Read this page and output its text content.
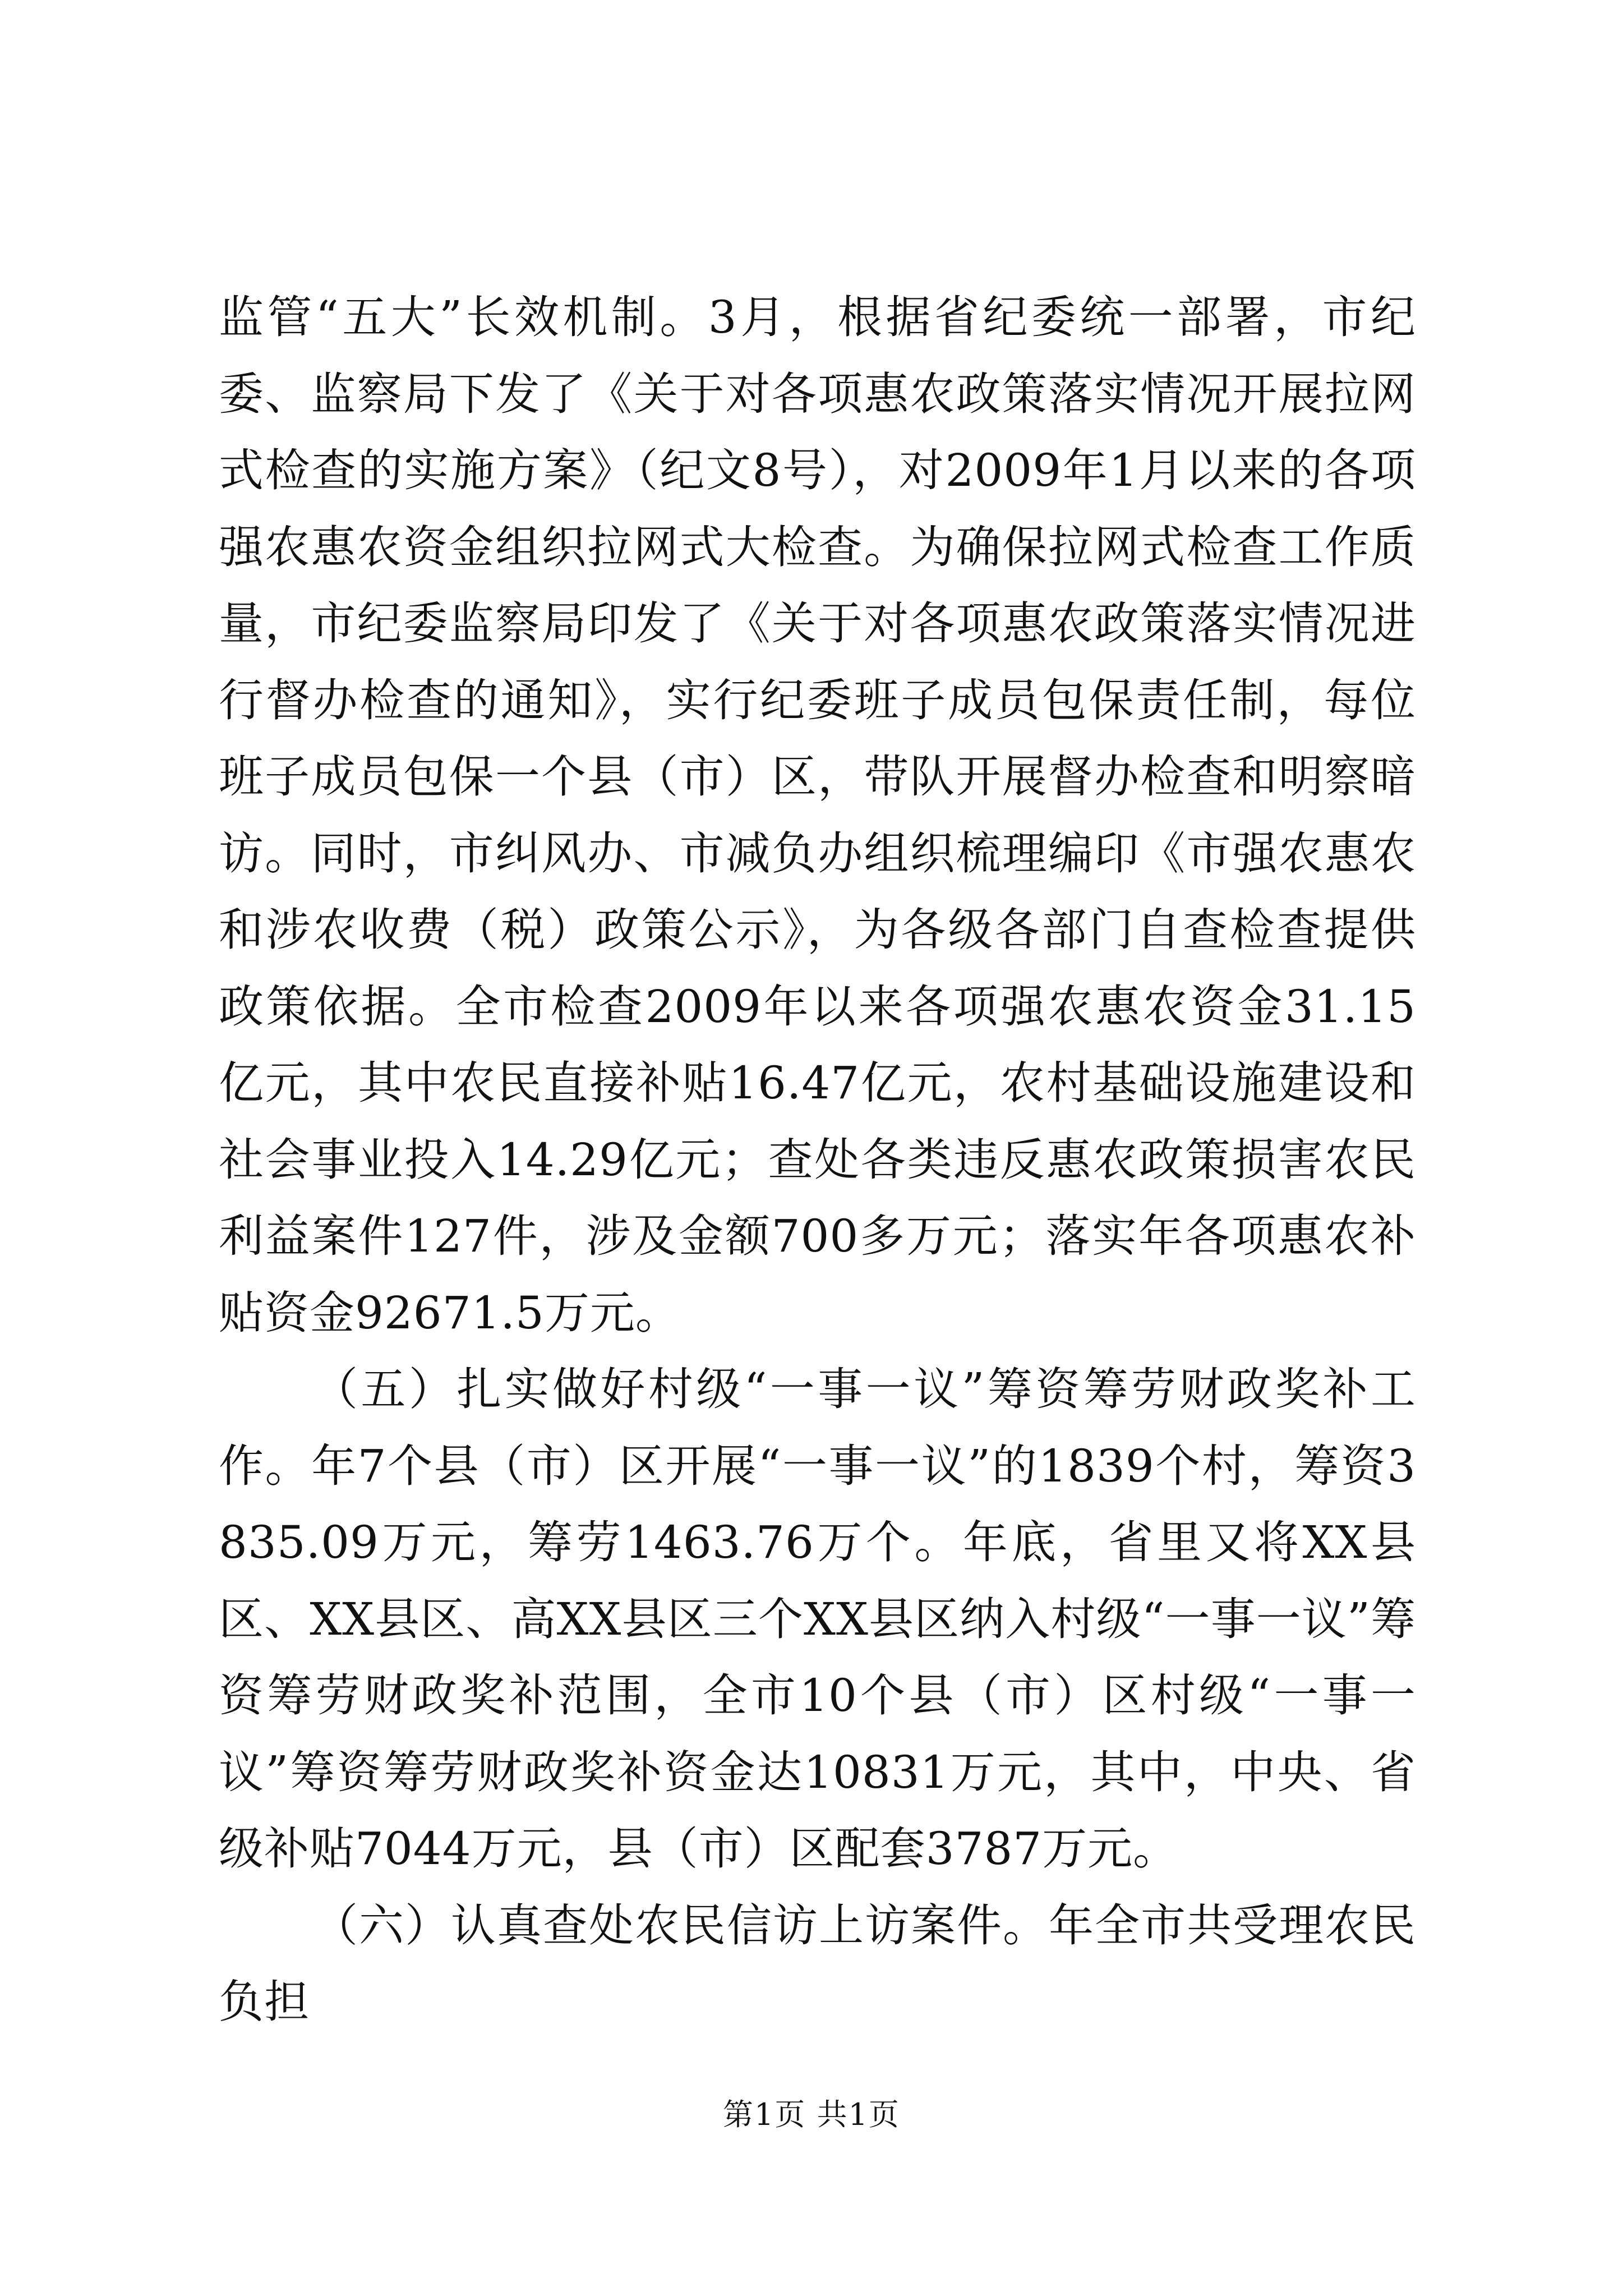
监管“五大”长效机制。3月，根据省纪委统一部署，市纪委、监察局下发了《关于对各项惠农政策落实情况开展拉网式检查的实施方案》（纪文8号），对2009年1月以来的各项强农惠农资金组织拉网式大检查。为确保拉网式检查工作质量，市纪委监察局印发了《关于对各项惠农政策落实情况进行督办检查的通知》，实行纪委班子成员包保责任制，每位班子成员包保一个县（市）区，带队开展督办检查和明察暗访。同时，市纠风办、市减负办组织梳理编印《市强农惠农和涉农收费（税）政策公示》，为各级各部门自查检查提供政策依据。全市检查2009年以来各项强农惠农资金31.15亿元，其中农民直接补贴16.47亿元，农村基础设施建设和社会事业投入14.29亿元；查处各类违反惠农政策损害农民利益案件127件，涉及金额700多万元；落实年各项惠农补贴资金92671.5万元。

（五）扎实做好村级“一事一议”筹资筹劳财政奖补工作。年7个县（市）区开展“一事一议”的1839个村，筹资3835.09万元，筹劳1463.76万个。年底，省里又将XX县区、XX县区、高XX县区三个XX县区纳入村级“一事一议”筹资筹劳财政奖补范围，全市10个县（市）区村级“一事一议”筹资筹劳财政奖补资金达10831万元，其中，中央、省级补贴7044万元，县（市）区配套3787万元。

（六）认真查处农民信访上访案件。年全市共受理农民负担

第1页 共1页
